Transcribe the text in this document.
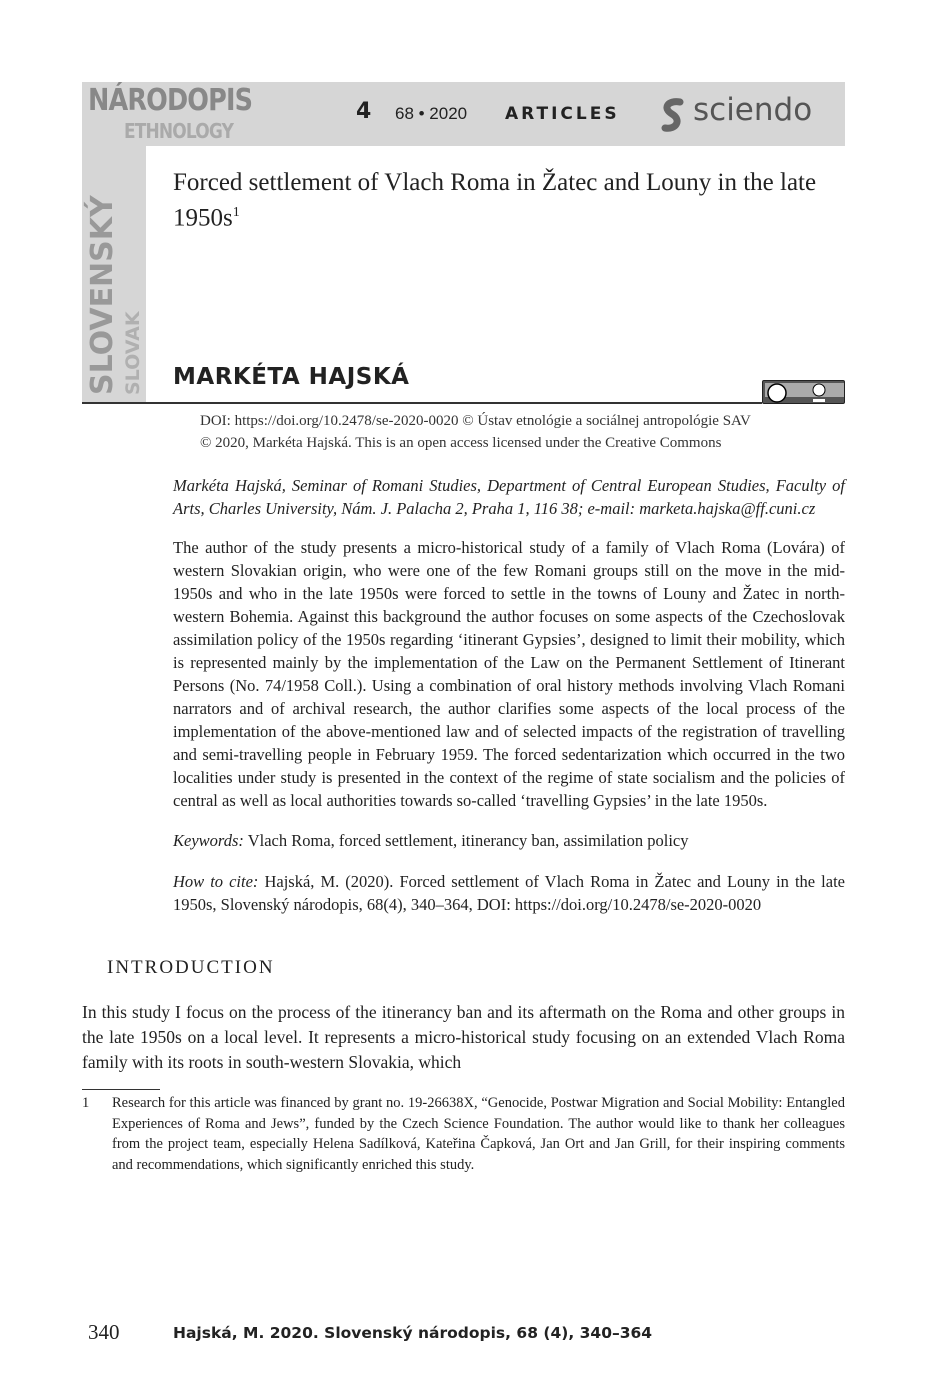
SLOVENSKÝ SLOVAK
NÁRODOPIS
ETHNOLOGY
4 68 • 2020 ARTICLES sciendo
Forced settlement of Vlach Roma in Žatec and Louny in the late $1950s^1$
MARKÉTA HAJSKÁ
DOI: https://doi.org/10.2478/se-2020-0020 © Ústav etnológie a sociálnej antropológie SAV
© 2020, Markéta Hajská. This is an open access licensed under the Creative Commons
Markéta Hajská, Seminar of Romani Studies, Department of Central European Studies, Faculty of Arts, Charles University, Nám. J. Palacha 2, Praha 1, 116 38; e-mail: marketa.hajska@ff.cuni.cz
The author of the study presents a micro-historical study of a family of Vlach Roma (Lovára) of western Slovakian origin, who were one of the few Romani groups still on the move in the mid-1950s and who in the late 1950s were forced to settle in the towns of Louny and Žatec in north-western Bohemia. Against this background the author focuses on some aspects of the Czechoslovak assimilation policy of the 1950s regarding ‘itinerant Gypsies’, designed to limit their mobility, which is represented mainly by the implementation of the Law on the Permanent Settlement of Itinerant Persons (No. 74/1958 Coll.). Using a combination of oral history methods involving Vlach Romani narrators and of archival research, the author clarifies some aspects of the local process of the implementation of the above-mentioned law and of selected impacts of the registration of travelling and semi-travelling people in February 1959. The forced sedentarization which occurred in the two localities under study is presented in the context of the regime of state socialism and the policies of central as well as local authorities towards so-called ‘travelling Gypsies’ in the late 1950s.
Keywords: Vlach Roma, forced settlement, itinerancy ban, assimilation policy
How to cite: Hajská, M. (2020). Forced settlement of Vlach Roma in Žatec and Louny in the late 1950s, Slovenský národopis, 68(4), 340–364, DOI: https://doi.org/10.2478/se-2020-0020
INTRODUCTION
In this study I focus on the process of the itinerancy ban and its aftermath on the Roma and other groups in the late 1950s on a local level. It represents a micro-historical study focusing on an extended Vlach Roma family with its roots in south-western Slovakia, which
1 Research for this article was financed by grant no. 19-26638X, “Genocide, Postwar Migration and Social Mobility: Entangled Experiences of Roma and Jews”, funded by the Czech Science Foundation. The author would like to thank her colleagues from the project team, especially Helena Sadílková, Kateřina Čapková, Jan Ort and Jan Grill, for their inspiring comments and recommendations, which significantly enriched this study.
340	Hajská, M. 2020. Slovenský národopis, 68 (4), 340–364
